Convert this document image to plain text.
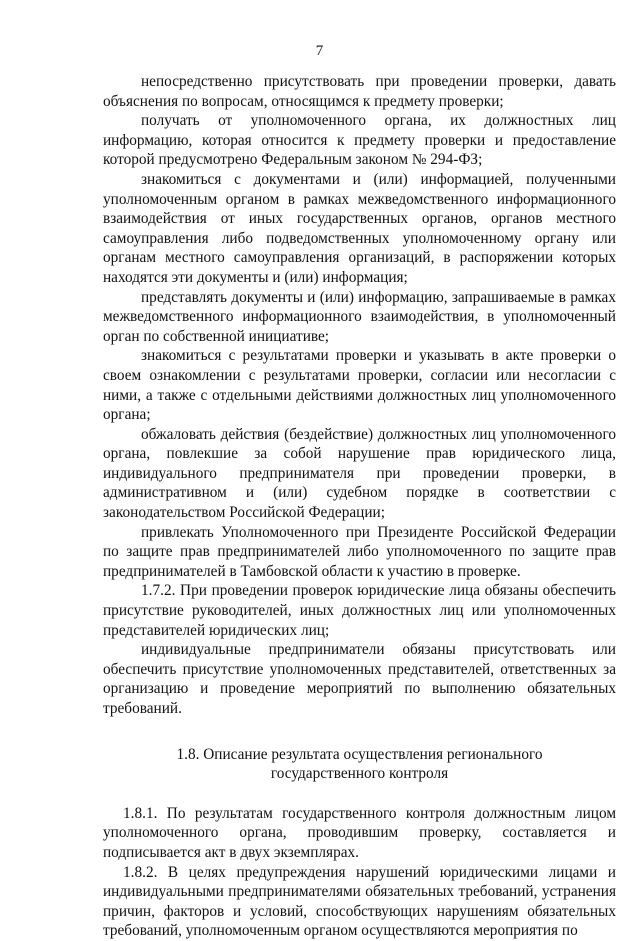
7

непосредственно присутствовать при проведении проверки, давать объяснения по вопросам, относящимся к предмету проверки;

получать от уполномоченного органа, их должностных лиц информацию, которая относится к предмету проверки и предоставление которой предусмотрено Федеральным законом № 294-ФЗ;

знакомиться с документами и (или) информацией, полученными уполномоченным органом в рамках межведомственного информационного взаимодействия от иных государственных органов, органов местного самоуправления либо подведомственных уполномоченному органу или органам местного самоуправления организаций, в распоряжении которых находятся эти документы и (или) информация;

представлять документы и (или) информацию, запрашиваемые в рамках межведомственного информационного взаимодействия, в уполномоченный орган по собственной инициативе;

знакомиться с результатами проверки и указывать в акте проверки о своем ознакомлении с результатами проверки, согласии или несогласии с ними, а также с отдельными действиями должностных лиц уполномоченного органа;

обжаловать действия (бездействие) должностных лиц уполномоченного органа, повлекшие за собой нарушение прав юридического лица, индивидуального предпринимателя при проведении проверки, в административном и (или) судебном порядке в соответствии с законодательством Российской Федерации;

привлекать Уполномоченного при Президенте Российской Федерации по защите прав предпринимателей либо уполномоченного по защите прав предпринимателей в Тамбовской области к участию в проверке.

1.7.2. При проведении проверок юридические лица обязаны обеспечить присутствие руководителей, иных должностных лиц или уполномоченных представителей юридических лиц;

индивидуальные предприниматели обязаны присутствовать или обеспечить присутствие уполномоченных представителей, ответственных за организацию и проведение мероприятий по выполнению обязательных требований.

1.8. Описание результата осуществления регионального
государственного контроля

1.8.1. По результатам государственного контроля должностным лицом уполномоченного органа, проводившим проверку, составляется и подписывается акт в двух экземплярах.

1.8.2. В целях предупреждения нарушений юридическими лицами и индивидуальными предпринимателями обязательных требований, устранения причин, факторов и условий, способствующих нарушениям обязательных требований, уполномоченным органом осуществляются мероприятия по
